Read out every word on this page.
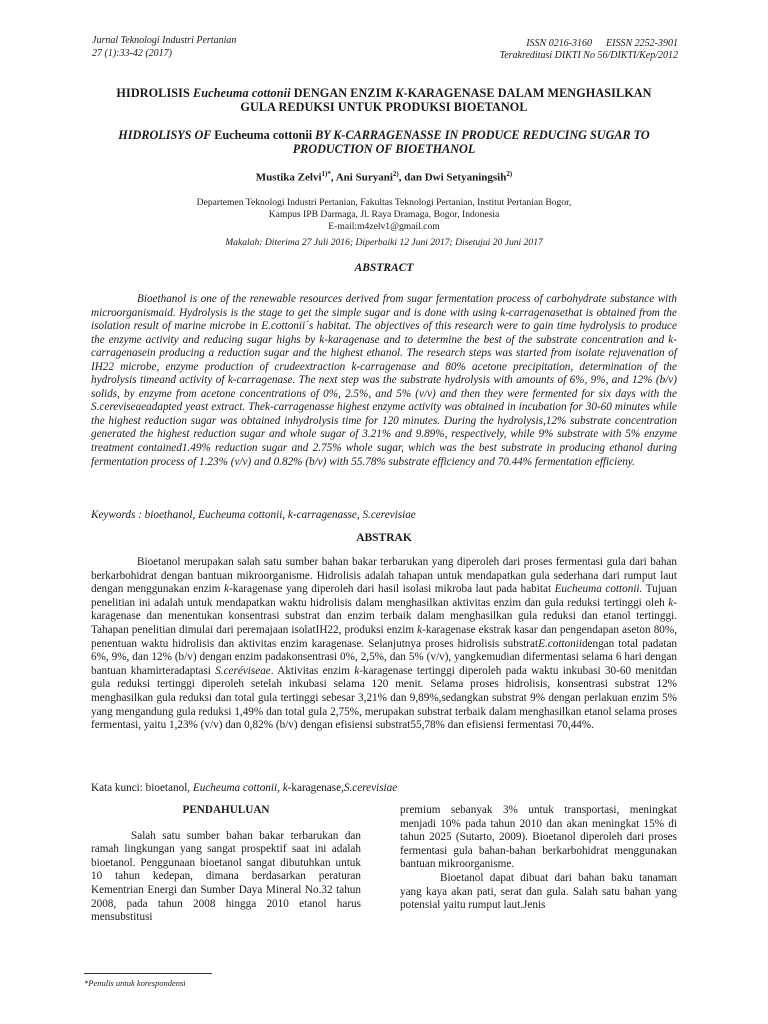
Jurnal Teknologi Industri Pertanian
27 (1):33-42 (2017)
ISSN 0216-3160 EISSN 2252-3901
Terakreditasi DIKTI No 56/DIKTI/Kep/2012
HIDROLISIS Eucheuma cottonii DENGAN ENZIM K-KARAGENASE DALAM MENGHASILKAN
GULA REDUKSI UNTUK PRODUKSI BIOETANOL
HIDROLISYS OF Eucheuma cottonii BY K-CARRAGENASSE IN PRODUCE REDUCING SUGAR TO
PRODUCTION OF BIOETHANOL
Mustika Zelvi$^{1)*}$, Ani Suryani$^{2)}$, dan Dwi Setyaningsih$^{2)}$
Departemen Teknologi Industri Pertanian, Fakultas Teknologi Pertanian, Institut Pertanian Bogor,
Kampus IPB Darmaga, Jl. Raya Dramaga, Bogor, Indonesia
E-mail:m4zelv1@gmail.com
Makalah: Diterima 27 Juli 2016; Diperbaiki 12 Juni 2017; Disetujui 20 Juni 2017
ABSTRACT
Bioethanol is one of the renewable resources derived from sugar fermentation process of carbohydrate substance with microorganismaid. Hydrolysis is the stage to get the simple sugar and is done with using k-carragenasethat is obtained from the isolation result of marine microbe in E.cottonii´s habitat. The objectives of this research were to gain time hydrolysis to produce the enzyme activity and reducing sugar highs by k-karagenase and to determine the best of the substrate concentration and k-carragenasein producing a reduction sugar and the highest ethanol. The research steps was started from isolate rejuvenation of IH22 microbe, enzyme production of crudeextraction k-carragenase and 80% acetone precipitation, determination of the hydrolysis timeand activity of k-carragenase. The next step was the substrate hydrolysis with amounts of 6%, 9%, and 12% (b/v) solids, by enzyme from acetone concentrations of 0%, 2.5%, and 5% (v/v) and then they were fermented for six days with the S.cereviseaeadapted yeast extract. Thek-carragenasse highest enzyme activity was obtained in incubation for 30-60 minutes while the highest reduction sugar was obtained inhydrolysis time for 120 minutes. During the hydrolysis,12% substrate concentration generated the highest reduction sugar and whole sugar of 3.21% and 9.89%, respectively, while 9% substrate with 5% enzyme treatment contained1.49% reduction sugar and 2.75% whole sugar, which was the best substrate in producing ethanol during fermentation process of 1.23% (v/v) and 0.82% (b/v) with 55.78% substrate efficiency and 70.44% fermentation efficieny.
Keywords : bioethanol, Eucheuma cottonii, k-carragenasse, S.cerevisiae
ABSTRAK
Bioetanol merupakan salah satu sumber bahan bakar terbarukan yang diperoleh dari proses fermentasi gula dari bahan berkarbohidrat dengan bantuan mikroorganisme. Hidrolisis adalah tahapan untuk mendapatkan gula sederhana dari rumput laut dengan menggunakan enzim k-karagenase yang diperoleh dari hasil isolasi mikroba laut pada habitat Eucheuma cottonii. Tujuan penelitian ini adalah untuk mendapatkan waktu hidrolisis dalam menghasilkan aktivitas enzim dan gula reduksi tertinggi oleh k-karagenase dan menentukan konsentrasi substrat dan enzim terbaik dalam menghasilkan gula reduksi dan etanol tertinggi. Tahapan penelitian dimulai dari peremajaan isolatIH22, produksi enzim k-karagenase ekstrak kasar dan pengendapan aseton 80%, penentuan waktu hidrolisis dan aktivitas enzim karagenase. Selanjutnya proses hidrolisis substratE.cottoniidengan total padatan 6%, 9%, dan 12% (b/v) dengan enzim padakonsentrasi 0%, 2,5%, dan 5% (v/v), yangkemudian difermentasi selama 6 hari dengan bantuan khamirteradaptasi S.ceréviseae. Aktivitas enzim k-karagenase tertinggi diperoleh pada waktu inkubasi 30-60 menitdan gula reduksi tertinggi diperoleh setelah inkubasi selama 120 menit. Selama proses hidrolisis, konsentrasi substrat 12% menghasilkan gula reduksi dan total gula tertinggi sebesar 3,21% dan 9,89%,sedangkan substrat 9% dengan perlakuan enzim 5% yang mengandung gula reduksi 1,49% dan total gula 2,75%, merupakan substrat terbaik dalam menghasilkan etanol selama proses fermentasi, yaitu 1,23% (v/v) dan 0,82% (b/v) dengan efisiensi substrat55,78% dan efisiensi fermentasi 70,44%.
Kata kunci: bioetanol, Eucheuma cottonii, k-karagenase,S.cerevisiae
PENDAHULUAN

Salah satu sumber bahan bakar terbarukan dan ramah lingkungan yang sangat prospektif saat ini adalah bioetanol. Penggunaan bioetanol sangat dibutuhkan untuk 10 tahun kedepan, dimana berdasarkan peraturan Kementrian Energi dan Sumber Daya Mineral No.32 tahun 2008, pada tahun 2008 hingga 2010 etanol harus mensubstitusi

premium sebanyak 3% untuk transportasi, meningkat menjadi 10% pada tahun 2010 dan akan meningkat 15% di tahun 2025 (Sutarto, 2009). Bioetanol diperoleh dari proses fermentasi gula bahan-bahan berkarbohidrat menggunakan bantuan mikroorganisme.

Bioetanol dapat dibuat dari bahan baku tanaman yang kaya akan pati, serat dan gula. Salah satu bahan yang potensial yaitu rumput laut.Jenis

*Penulis untuk korespondensi
